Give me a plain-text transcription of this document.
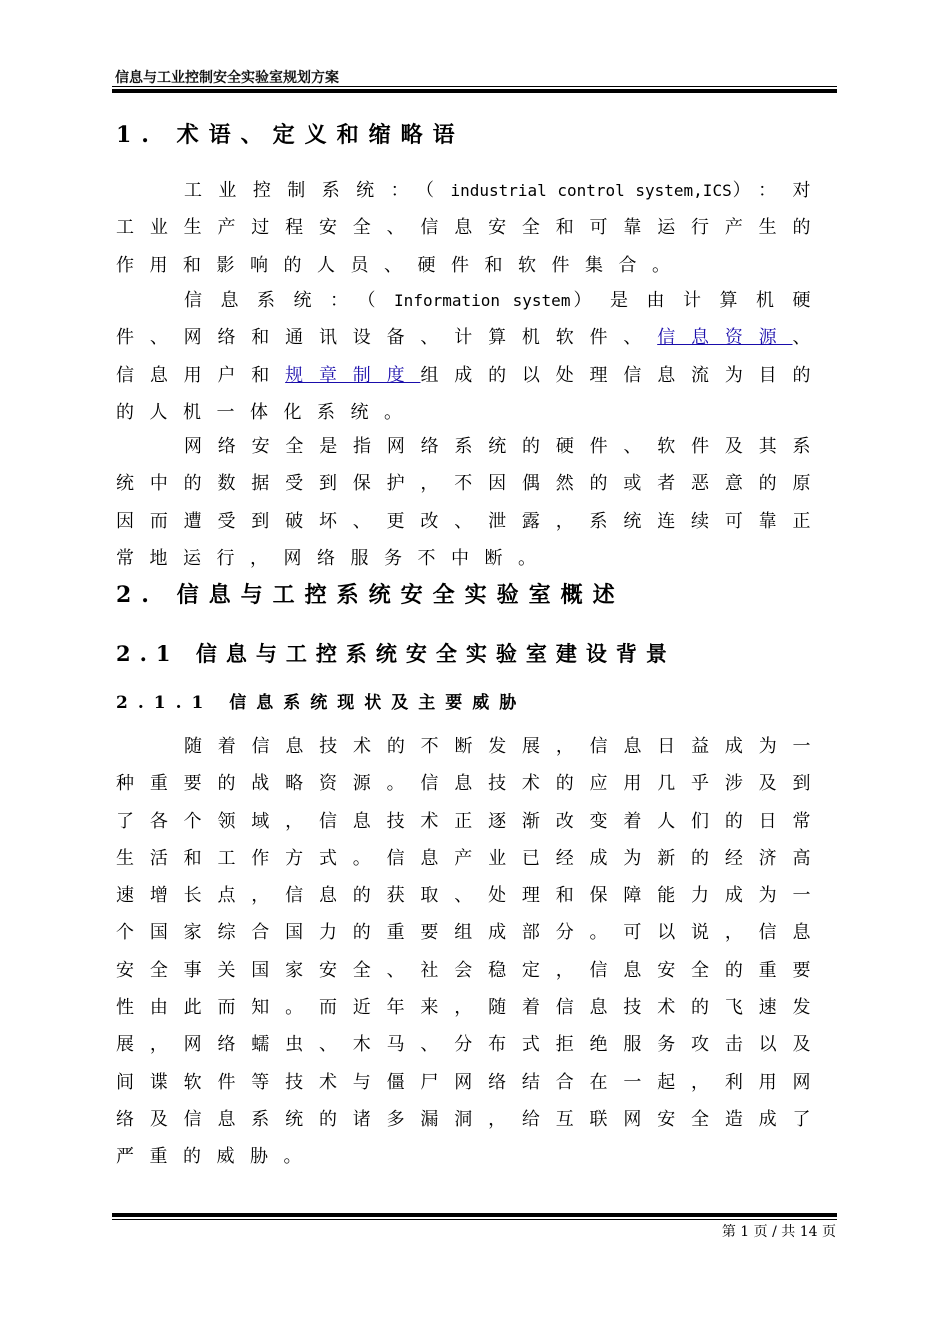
信息与工业控制安全实验室规划方案
1. 术语、定义和缩略语
工业控制系统：（industrial control system,ICS）：对工业生产过程安全、信息安全和可靠运行产生的作用和影响的人员、硬件和软件集合。
信息系统：（Information system）是由计算机硬件、网络和通讯设备、计算机软件、信息资源、信息用户和规章制度组成的以处理信息流为目的的人机一体化系统。
网络安全是指网络系统的硬件、软件及其系统中的数据受到保护，不因偶然的或者恶意的原因而遭受到破坏、更改、泄露，系统连续可靠正常地运行，网络服务不中断。
2. 信息与工控系统安全实验室概述
2.1 信息与工控系统安全实验室建设背景
2.1.1 信息系统现状及主要威胁
随着信息技术的不断发展，信息日益成为一种重要的战略资源。信息技术的应用几乎涉及到了各个领域，信息技术正逐渐改变着人们的日常生活和工作方式。信息产业已经成为新的经济高速增长点，信息的获取、处理和保障能力成为一个国家综合国力的重要组成部分。可以说，信息安全事关国家安全、社会稳定，信息安全的重要性由此而知。而近年来，随着信息技术的飞速发展，网络蠕虫、木马、分布式拒绝服务攻击以及间谍软件等技术与僵尸网络结合在一起，利用网络及信息系统的诸多漏洞，给互联网安全造成了严重的威胁。
第 1 页 / 共 14 页
